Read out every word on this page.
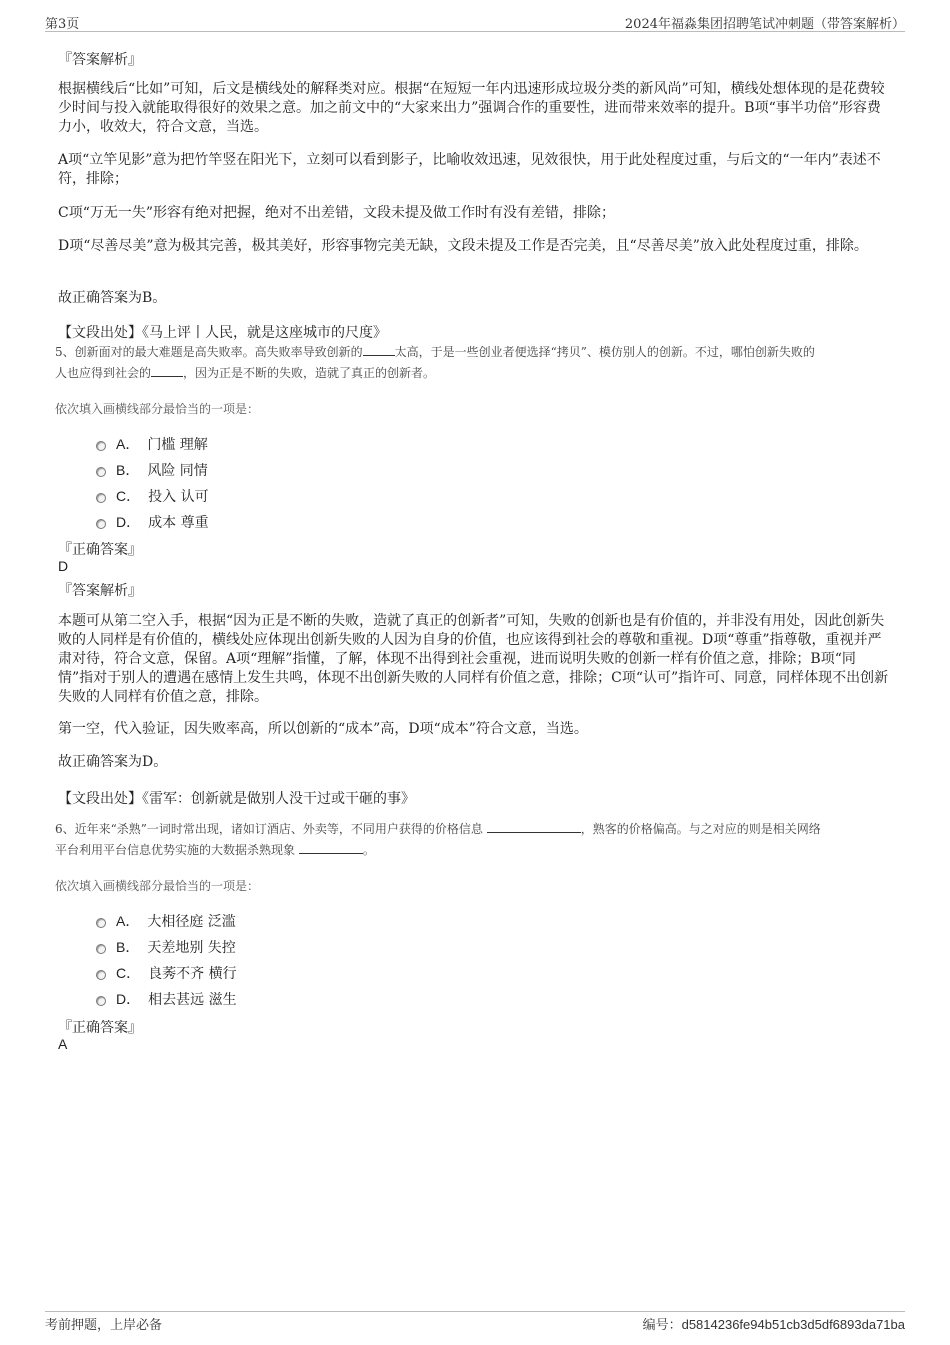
第3页	2024年福淼集团招聘笔试冲刺题（带答案解析）
『答案解析』

根据横线后“比如”可知，后文是横线处的解释类对应。根据“在短短一年内迅速形成垃圾分类的新风尚”可知，横线处想体现的是花费较少时间与投入就能取得很好的效果之意。加之前文中的“大家来出力”强调合作的重要性，进而带来效率的提升。B项“事半功倍”形容费力小，收效大，符合文意，当选。

A项“立竿见影”意为把竹竿竖在阳光下，立刻可以看到影子，比喻收效迅速，见效很快，用于此处程度过重，与后文的“一年内”表述不符，排除；

C项“万无一失”形容有绝对把握，绝对不出差错，文段未提及做工作时有没有差错，排除；

D项“尽善尽美”意为极其完善，极其美好，形容事物完美无缺，文段未提及工作是否完美，且“尽善尽美”放入此处程度过重，排除。

故正确答案为B。

【文段出处】《马上评丨人民，就是这座城市的尺度》

5、创新面对的最大难题是高失败率。高失败率导致创新的	太高，于是一些创业者便选择“拷贝”、模仿别人的创新。不过，哪怕创新失败的
人也应得到社会的	，因为正是不断的失败，造就了真正的创新者。

依次填入画横线部分最恰当的一项是：
A． 门槛 理解
B． 风险 同情
C． 投入 认可
D． 成本 尊重
『正确答案』
D
『答案解析』

本题可从第二空入手，根据“因为正是不断的失败，造就了真正的创新者”可知，失败的创新也是有价值的，并非没有用处，因此创新失败的人同样是有价值的，横线处应体现出创新失败的人因为自身的价值，也应该得到社会的尊敬和重视。D项“尊重”指尊敬，重视并严肃对待，符合文意，保留。A项“理解”指懂，了解，体现不出得到社会重视，进而说明失败的创新一样有价值之意，排除；B项“同情”指对于别人的遭遇在感情上发生共鸣，体现不出创新失败的人同样有价值之意，排除；C项“认可”指许可、同意，同样体现不出创新失败的人同样有价值之意，排除。

第一空，代入验证，因失败率高，所以创新的“成本”高，D项“成本”符合文意，当选。

故正确答案为D。

【文段出处】《雷军：创新就是做别人没干过或干砸的事》

6、近年来“杀熟”一词时常出现，诸如订酒店、外卖等，不同用户获得的价格信息	，熟客的价格偏高。与之对应的则是相关网络
平台利用平台信息优势实施的大数据杀熟现象	。

依次填入画横线部分最恰当的一项是：
A． 大相径庭 泛滥
B． 天差地别 失控
C． 良莠不齐 横行
D． 相去甚远 滋生
『正确答案』
A
考前押题，上岸必备	编号：d5814236fe94b51cb3d5df6893da71ba
